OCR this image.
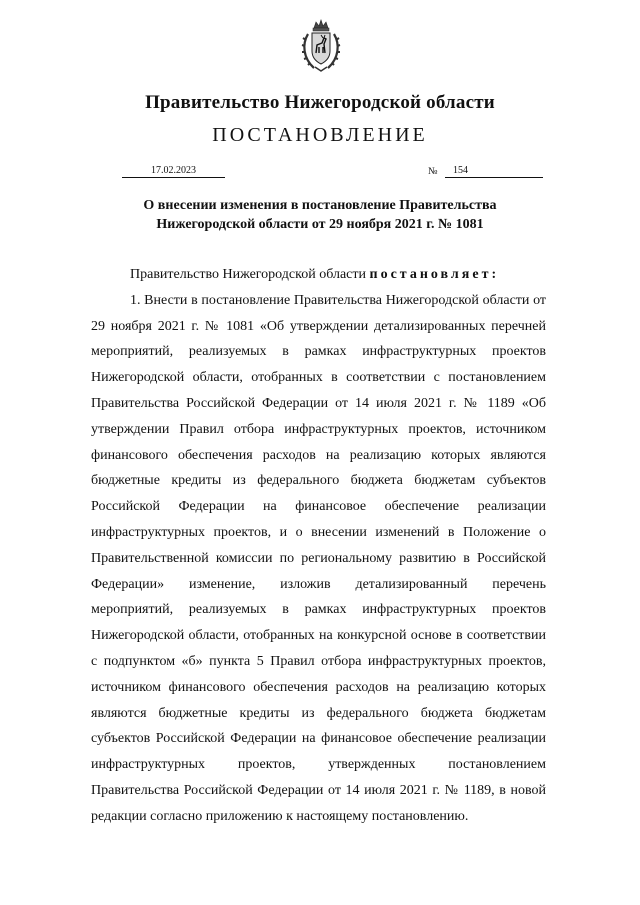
Правительство Нижегородской области
ПОСТАНОВЛЕНИЕ
17.02.2023	№	154
О внесении изменения в постановление Правительства
Нижегородской области от 29 ноября 2021 г. № 1081

Правительство Нижегородской области постановляет:

1. Внести в постановление Правительства Нижегородской области от 29 ноября 2021 г. № 1081 «Об утверждении детализированных перечней мероприятий, реализуемых в рамках инфраструктурных проектов Нижегородской области, отобранных в соответствии с постановлением Правительства Российской Федерации от 14 июля 2021 г. № 1189 «Об утверждении Правил отбора инфраструктурных проектов, источником финансового обеспечения расходов на реализацию которых являются бюджетные кредиты из федерального бюджета бюджетам субъектов Российской Федерации на финансовое обеспечение реализации инфраструктурных проектов, и о внесении изменений в Положение о Правительственной комиссии по региональному развитию в Российской Федерации» изменение, изложив детализированный перечень мероприятий, реализуемых в рамках инфраструктурных проектов Нижегородской области, отобранных на конкурсной основе в соответствии с подпунктом «б» пункта 5 Правил отбора инфраструктурных проектов, источником финансового обеспечения расходов на реализацию которых являются бюджетные кредиты из федерального бюджета бюджетам субъектов Российской Федерации на финансовое обеспечение реализации инфраструктурных проектов, утвержденных постановлением Правительства Российской Федерации от 14 июля 2021 г. № 1189, в новой редакции согласно приложению к настоящему постановлению.
